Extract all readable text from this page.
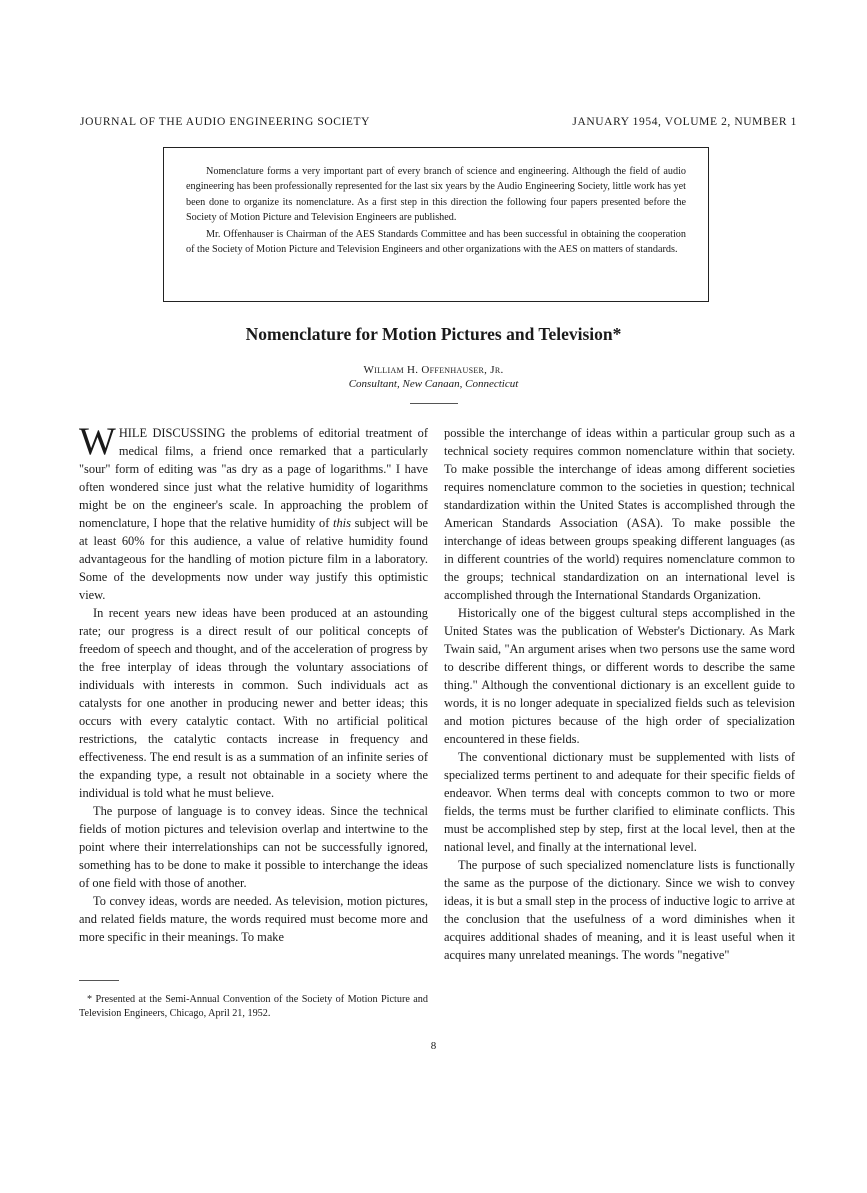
JOURNAL OF THE AUDIO ENGINEERING SOCIETY	JANUARY 1954, VOLUME 2, NUMBER 1

Nomenclature forms a very important part of every branch of science and engineering. Although the field of audio engineering has been professionally represented for the last six years by the Audio Engineering Society, little work has yet been done to organize its nomenclature. As a first step in this direction the following four papers presented before the Society of Motion Picture and Television Engineers are published.

Mr. Offenhauser is Chairman of the AES Standards Committee and has been successful in obtaining the cooperation of the Society of Motion Picture and Television Engineers and other organizations with the AES on matters of standards.

Nomenclature for Motion Pictures and Television*
William H. Offenhauser, Jr.
Consultant, New Canaan, Connecticut

WHILE DISCUSSING the problems of editorial treatment of medical films, a friend once remarked that a particularly "sour" form of editing was "as dry as a page of logarithms." I have often wondered since just what the relative humidity of logarithms might be on the engineer's scale. In approaching the problem of nomenclature, I hope that the relative humidity of this subject will be at least 60% for this audience, a value of relative humidity found advantageous for the handling of motion picture film in a laboratory. Some of the developments now under way justify this optimistic view.

In recent years new ideas have been produced at an astounding rate; our progress is a direct result of our political concepts of freedom of speech and thought, and of the acceleration of progress by the free interplay of ideas through the voluntary associations of individuals with interests in common. Such individuals act as catalysts for one another in producing newer and better ideas; this occurs with every catalytic contact. With no artificial political restrictions, the catalytic contacts increase in frequency and effectiveness. The end result is as a summation of an infinite series of the expanding type, a result not obtainable in a society where the individual is told what he must believe.

The purpose of language is to convey ideas. Since the technical fields of motion pictures and television overlap and intertwine to the point where their interrelationships can not be successfully ignored, something has to be done to make it possible to interchange the ideas of one field with those of another.

To convey ideas, words are needed. As television, motion pictures, and related fields mature, the words required must become more and more specific in their meanings. To make

possible the interchange of ideas within a particular group such as a technical society requires common nomenclature within that society. To make possible the interchange of ideas among different societies requires nomenclature common to the societies in question; technical standardization within the United States is accomplished through the American Standards Association (ASA). To make possible the interchange of ideas between groups speaking different languages (as in different countries of the world) requires nomenclature common to the groups; technical standardization on an international level is accomplished through the International Standards Organization.

Historically one of the biggest cultural steps accomplished in the United States was the publication of Webster's Dictionary. As Mark Twain said, "An argument arises when two persons use the same word to describe different things, or different words to describe the same thing." Although the conventional dictionary is an excellent guide to words, it is no longer adequate in specialized fields such as television and motion pictures because of the high order of specialization encountered in these fields.

The conventional dictionary must be supplemented with lists of specialized terms pertinent to and adequate for their specific fields of endeavor. When terms deal with concepts common to two or more fields, the terms must be further clarified to eliminate conflicts. This must be accomplished step by step, first at the local level, then at the national level, and finally at the international level.

The purpose of such specialized nomenclature lists is functionally the same as the purpose of the dictionary. Since we wish to convey ideas, it is but a small step in the process of inductive logic to arrive at the conclusion that the usefulness of a word diminishes when it acquires additional shades of meaning, and it is least useful when it acquires many unrelated meanings. The words "negative"

* Presented at the Semi-Annual Convention of the Society of Motion Picture and Television Engineers, Chicago, April 21, 1952.
8
